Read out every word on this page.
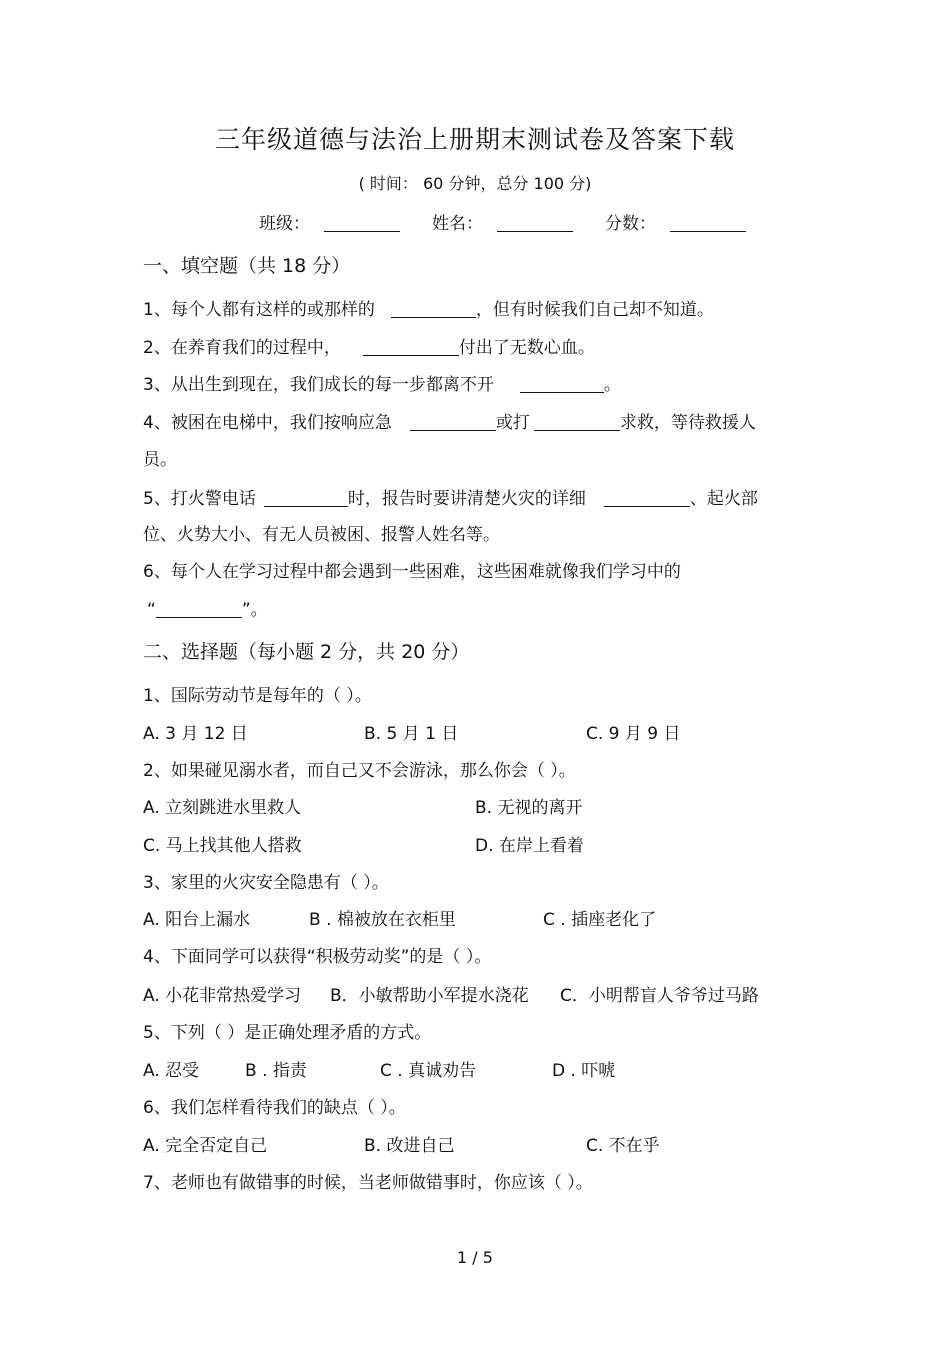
三年级道德与法治上册期末测试卷及答案下载
( 时间： 60 分钟，总分 100 分)
班级：	姓名：	分数：
一、填空题（共 18 分）
1、每个人都有这样的或那样的	，但有时候我们自己却不知道。
2、在养育我们的过程中，	付出了无数心血。
3、从出生到现在，我们成长的每一步都离不开	。
4、被困在电梯中，我们按响应急	或打	求救，等待救援人
员。
5、打火警电话	时，报告时要讲清楚火灾的详细	、起火部
位、火势大小、有无人员被困、报警人姓名等。
6、每个人在学习过程中都会遇到一些困难，这些困难就像我们学习中的
“	”。
二、选择题（每小题 2 分，共 20 分）
1、国际劳动节是每年的（ ）。
A. 3 月 12 日	B. 5 月 1 日	C. 9 月 9 日
2、如果碰见溺水者，而自己又不会游泳，那么你会（ ）。
A. 立刻跳进水里救人	B. 无视的离开
C. 马上找其他人搭救	D. 在岸上看着
3、家里的火灾安全隐患有（ ）。
A. 阳台上漏水	B . 棉被放在衣柜里	C . 插座老化了
4、下面同学可以获得“积极劳动奖”的是（ ）。
A. 小花非常热爱学习 B．小敏帮助小军提水浇花 C．小明帮盲人爷爷过马路
5、下列（ ）是正确处理矛盾的方式。
A. 忍受	B . 指责	C . 真诚劝告	D . 吓唬
6、我们怎样看待我们的缺点（ ）。
A. 完全否定自己	B. 改进自己	C. 不在乎
7、老师也有做错事的时候，当老师做错事时，你应该（ ）。
1 / 5
